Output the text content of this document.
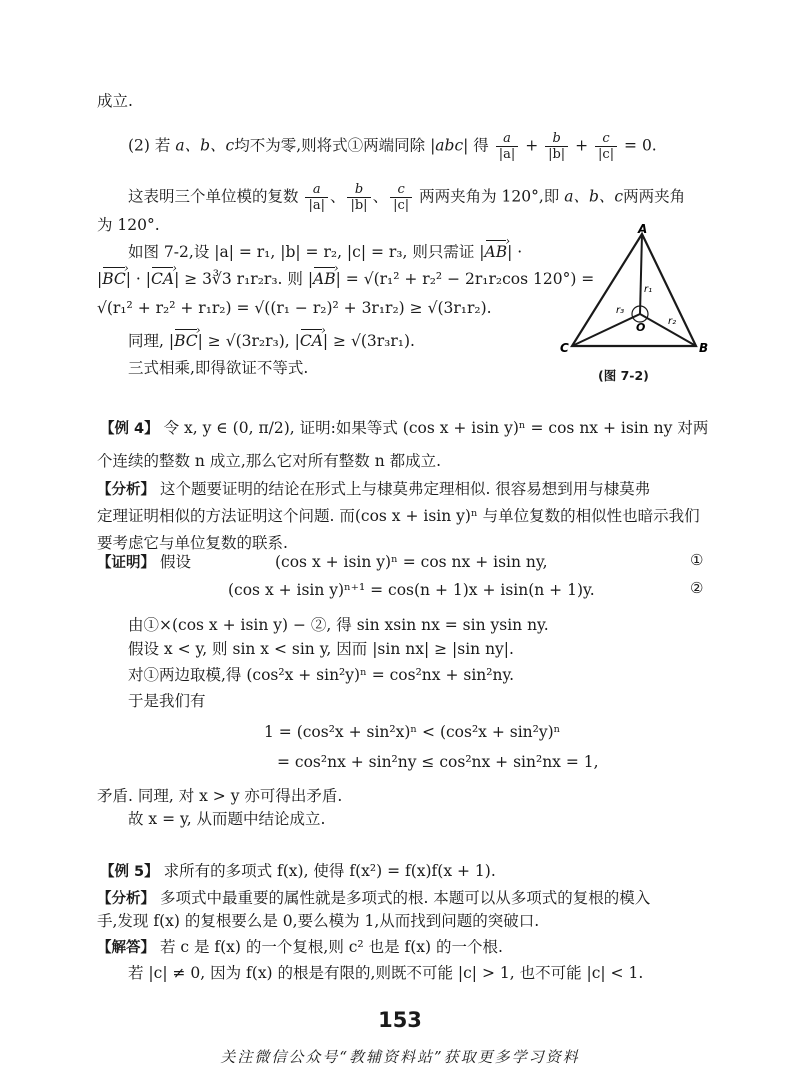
成立.
(2) 若 a、b、c均不为零,则将式①两端同除 |abc| 得 $\frac{a}{|a|} + \frac{b}{|b|} + \frac{c}{|c|} = 0$.
这表明三个单位模的复数 $\frac{a}{|a|}$ 、 $\frac{b}{|b|}$ 、 $\frac{c}{|c|}$ 两两夹角为 120°,即 a、b、c两两夹角
为 120°.
如图 7-2,设 |a| = r₁, |b| = r₂, |c| = r₃, 则只需证 |AB ›| ·
|BC ›| · |CA ›| ≥ 3∛3 r₁r₂r₃. 则 |AB ›| = √(r₁² + r₂² − 2r₁r₂cos 120°) =
√(r₁² + r₂² + r₁r₂) = √((r₁ − r₂)² + 3r₁r₂) ≥ √(3r₁r₂).
同理, |BC ›| ≥ √(3r₂r₃), |CA ›| ≥ √(3r₃r₁).
三式相乘,即得欲证不等式.
A
C	B
O
r₁
r₂
r₃
(图 7-2)
【例 4】 令 x, y ∈ (0, π/2), 证明:如果等式 (cos x + isin y)ⁿ = cos nx + isin ny 对两
个连续的整数 n 成立,那么它对所有整数 n 都成立.
【分析】 这个题要证明的结论在形式上与棣莫弗定理相似. 很容易想到用与棣莫弗
定理证明相似的方法证明这个问题. 而(cos x + isin y)ⁿ 与单位复数的相似性也暗示我们
要考虑它与单位复数的联系.
【证明】 假设	(cos x + isin y)ⁿ = cos nx + isin ny,	①
(cos x + isin y)ⁿ⁺¹ = cos(n + 1)x + isin(n + 1)y.	②
由①×(cos x + isin y) − ②, 得 sin xsin nx = sin ysin ny.
假设 x < y, 则 sin x < sin y, 因而 |sin nx| ≥ |sin ny|.
对①两边取模,得 (cos²x + sin²y)ⁿ = cos²nx + sin²ny.
于是我们有
1 = (cos²x + sin²x)ⁿ < (cos²x + sin²y)ⁿ
= cos²nx + sin²ny ≤ cos²nx + sin²nx = 1,
矛盾. 同理, 对 x > y 亦可得出矛盾.
故 x = y, 从而题中结论成立.
【例 5】 求所有的多项式 f(x), 使得 f(x²) = f(x)f(x + 1).
【分析】 多项式中最重要的属性就是多项式的根. 本题可以从多项式的复根的模入
手,发现 f(x) 的复根要么是 0,要么模为 1,从而找到问题的突破口.
【解答】 若 c 是 f(x) 的一个复根,则 c² 也是 f(x) 的一个根.
若 |c| ≠ 0, 因为 f(x) 的根是有限的,则既不可能 |c| > 1, 也不可能 |c| < 1.
153
关注微信公众号“教辅资料站”获取更多学习资料
